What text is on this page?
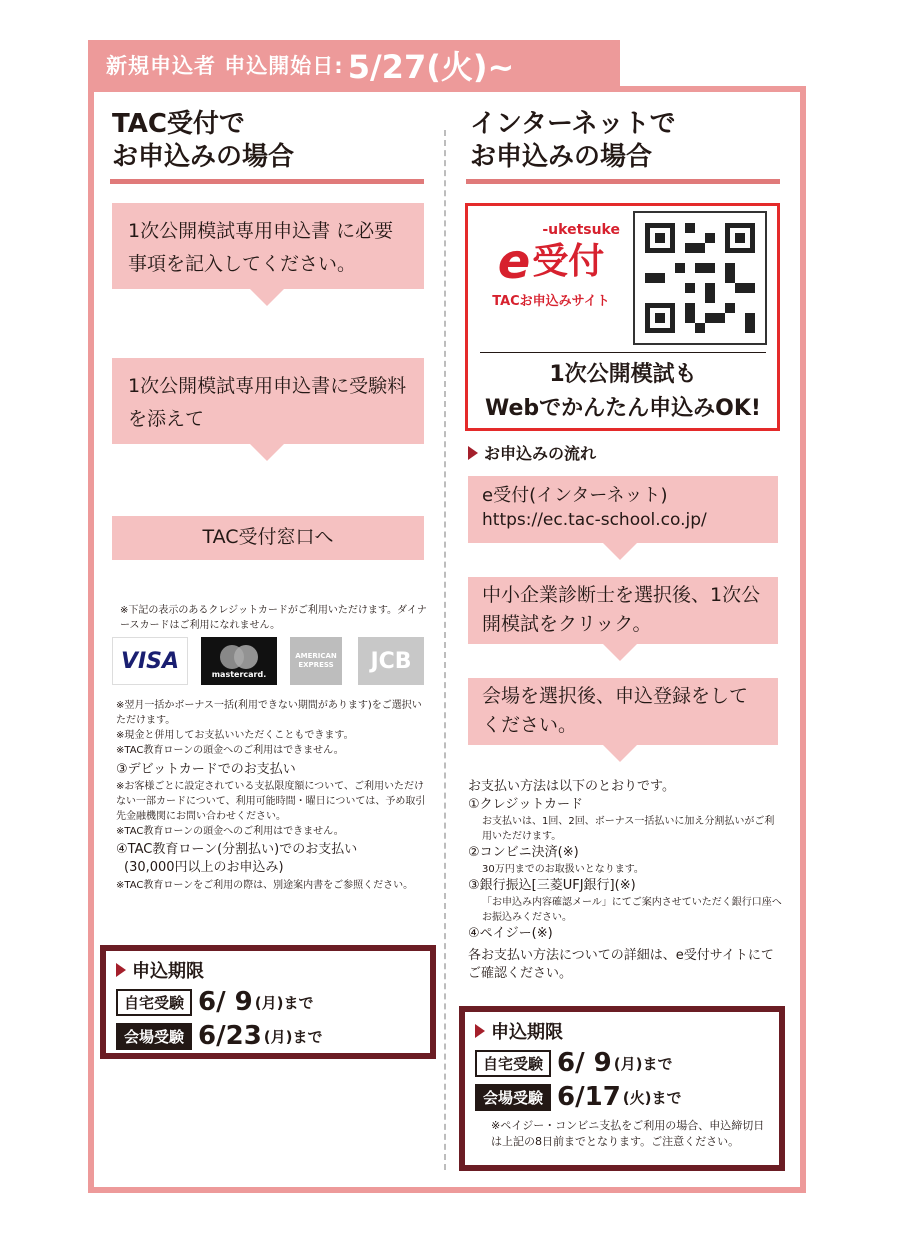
新規申込者 申込開始日: 5/27(火)~
TAC受付で
お申込みの場合
1次公開模試専用申込書 に必要事項を記入してください。
1次公開模試専用申込書に受験料を添えて
TAC受付窓口へ
※下記の表示のあるクレジットカードがご利用いただけます。ダイナースカードはご利用になれません。
VISA
mastercard.
AMERICAN EXPRESS	JCB
※翌月一括かボーナス一括(利用できない期間があります)をご選択いただけます。
※現金と併用してお支払いいただくこともできます。
※TAC教育ローンの頭金へのご利用はできません。
③デビットカードでのお支払い
※お客様ごとに設定されている支払限度額について、ご利用いただけない一部カードについて、利用可能時間・曜日については、予め取引先金融機関にお問い合わせください。
※TAC教育ローンの頭金へのご利用はできません。
④TAC教育ローン(分割払い)でのお支払い
(30,000円以上のお申込み)
※TAC教育ローンをご利用の際は、別途案内書をご参照ください。
申込期限
自宅受験 6/ 9 (月)まで
会場受験 6/23 (月)まで
インターネットで
お申込みの場合
-uketsuke
e 受付
TACお申込みサイト
1次公開模試も
Webでかんたん申込みOK!
お申込みの流れ
e受付(インターネット)
https://ec.tac-school.co.jp/
中小企業診断士を選択後、1次公開模試をクリック。
会場を選択後、申込登録をしてください。
お支払い方法は以下のとおりです。
①クレジットカード
お支払いは、1回、2回、ボーナス一括払いに加え分割払いがご利用いただけます。
②コンビニ決済(※)
30万円までのお取扱いとなります。
③銀行振込[三菱UFJ銀行](※)
「お申込み内容確認メール」にてご案内させていただく銀行口座へお振込みください。
④ペイジー(※)
各お支払い方法についての詳細は、e受付サイトにてご確認ください。
申込期限
自宅受験 6/ 9 (月)まで
会場受験 6/17 (火)まで
※ペイジー・コンビニ支払をご利用の場合、申込締切日は上記の8日前までとなります。ご注意ください。
